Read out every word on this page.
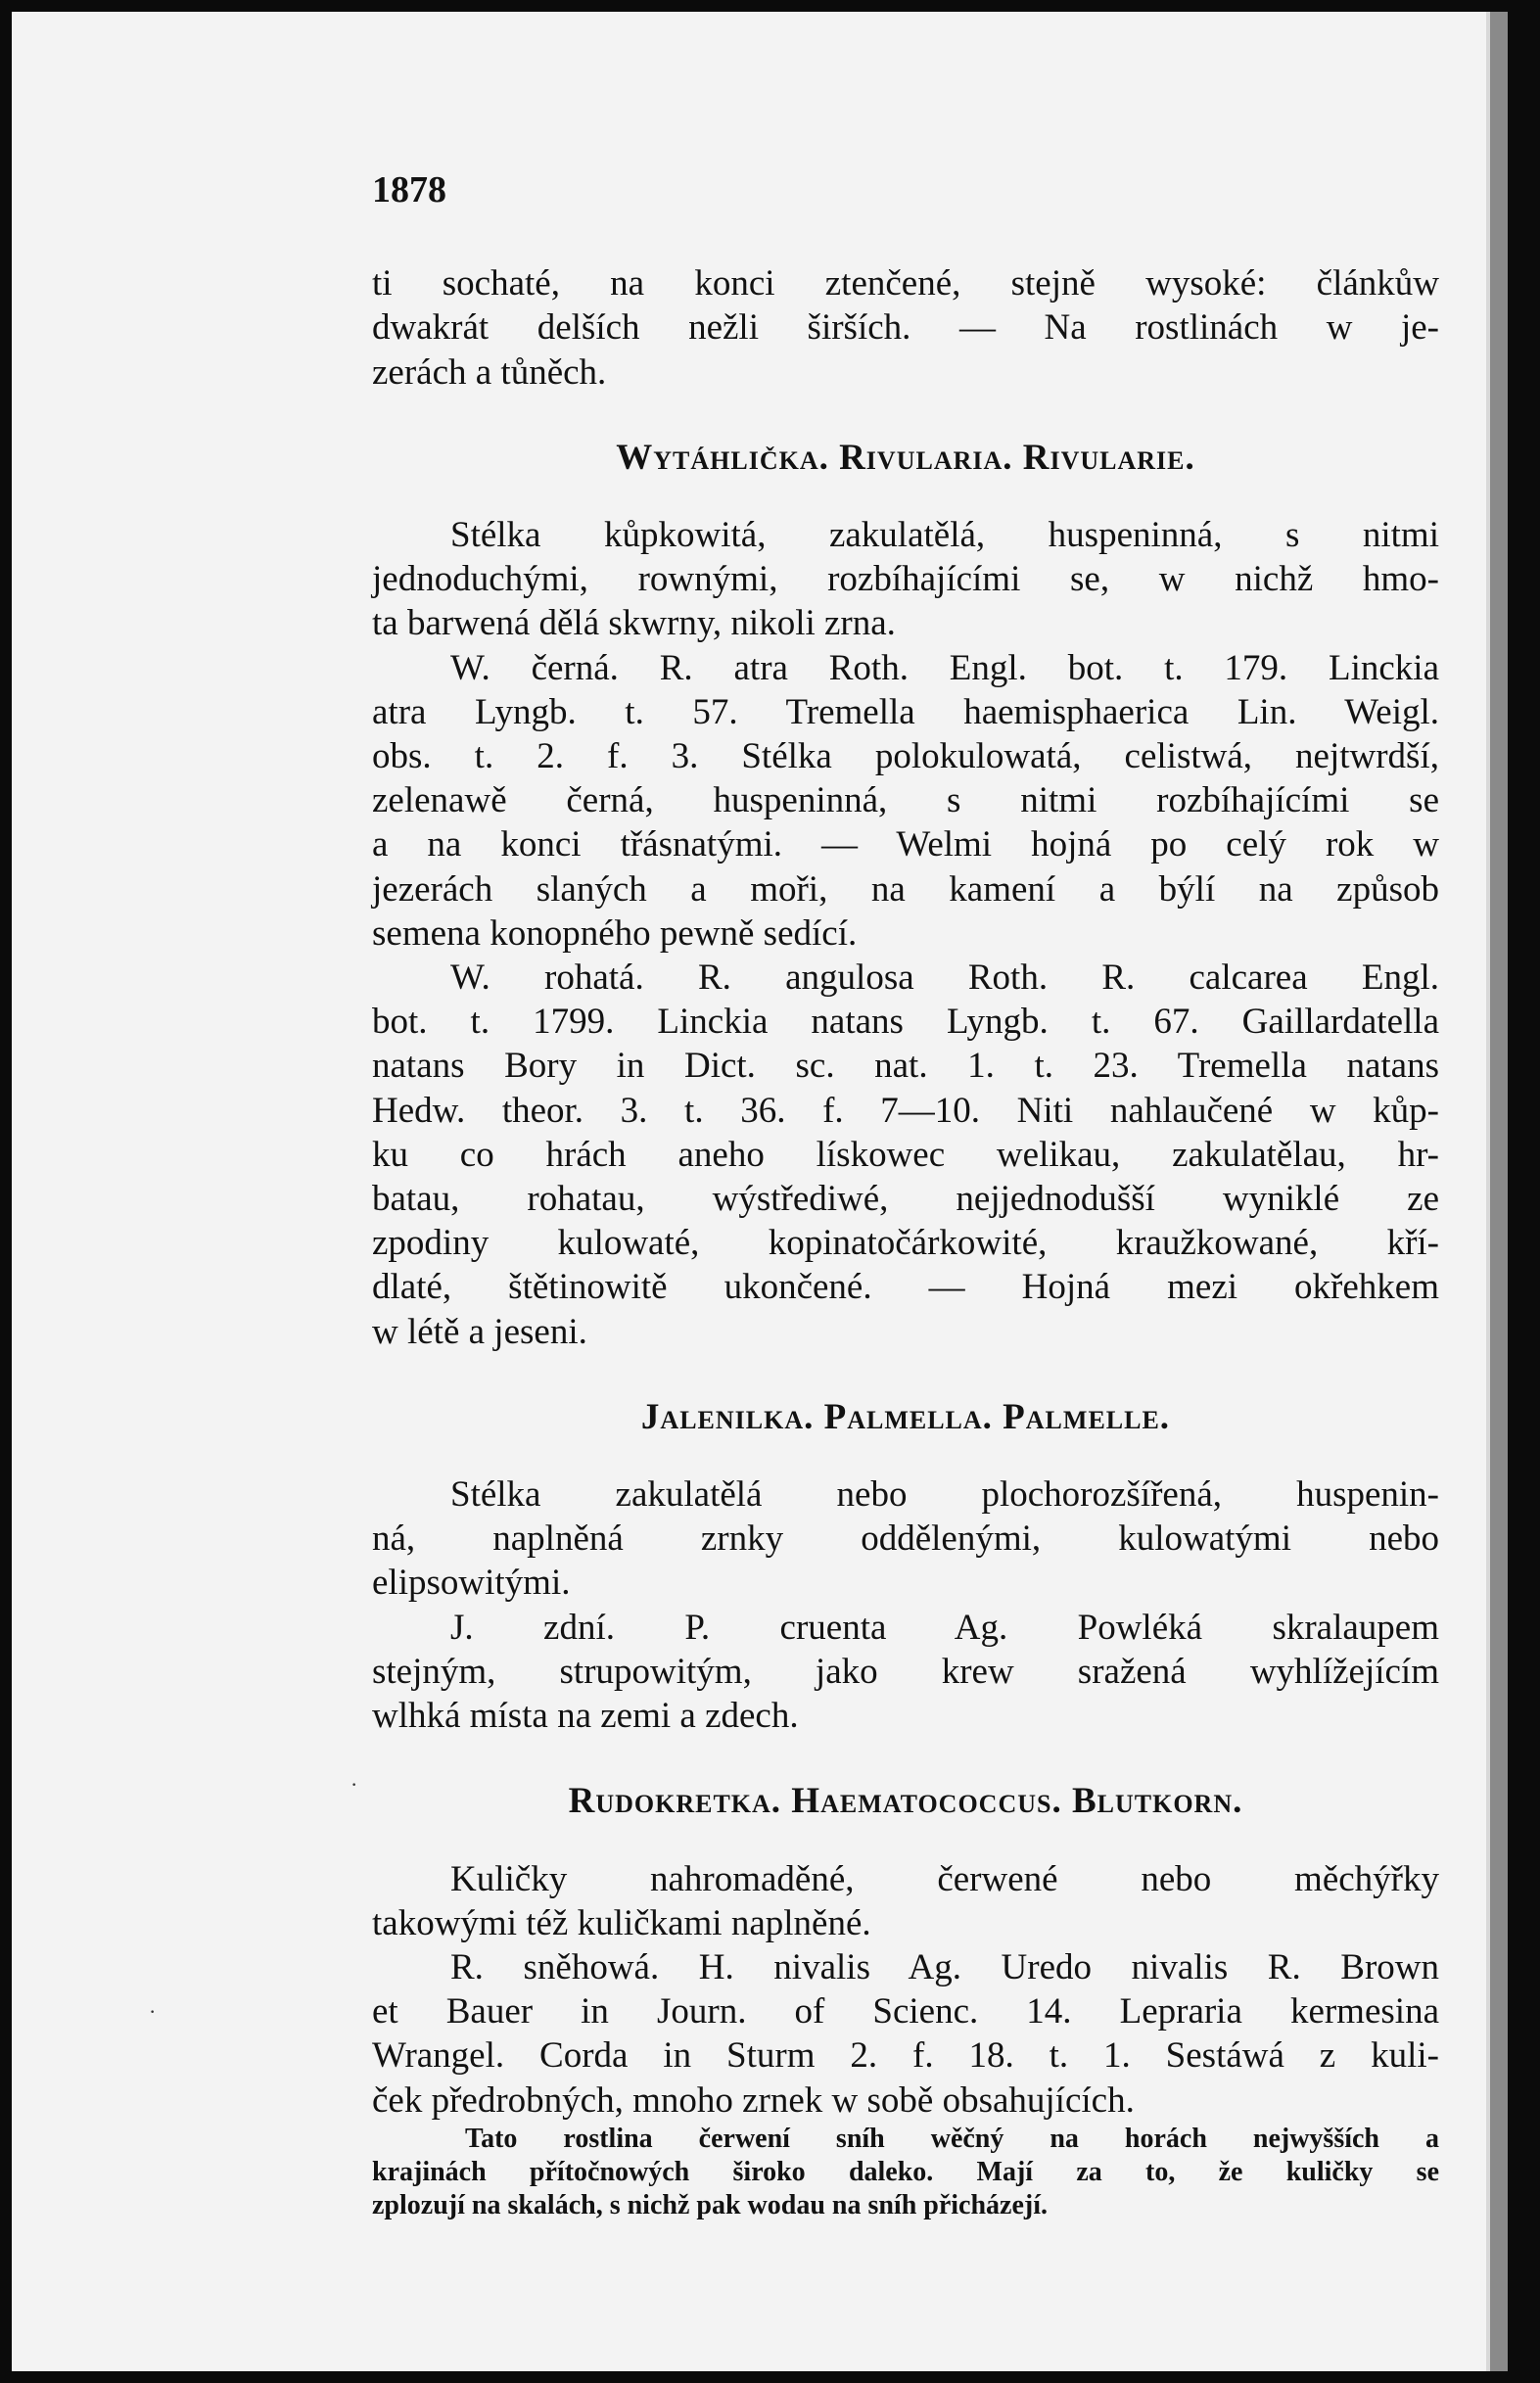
1878
ti sochaté, na konci ztenčené, stejně wysoké: článkůw
dwakrát delších nežli širších. — Na rostlinách w je-
zerách a tůněch.
Wytáhlička. Rivularia. Rivularie.
Stélka kůpkowitá, zakulatělá, huspeninná, s nitmi
jednoduchými, rownými, rozbíhajícími se, w nichž hmo-
ta barwená dělá skwrny, nikoli zrna.
W. černá. R. atra Roth. Engl. bot. t. 179. Linckia
atra Lyngb. t. 57. Tremella haemisphaerica Lin. Weigl.
obs. t. 2. f. 3. Stélka polokulowatá, celistwá, nejtwrdší,
zelenawě černá, huspeninná, s nitmi rozbíhajícími se
a na konci třásnatými. — Welmi hojná po celý rok w
jezerách slaných a moři, na kamení a býlí na způsob
semena konopného pewně sedící.
W. rohatá. R. angulosa Roth. R. calcarea Engl.
bot. t. 1799. Linckia natans Lyngb. t. 67. Gaillardatella
natans Bory in Dict. sc. nat. 1. t. 23. Tremella natans
Hedw. theor. 3. t. 36. f. 7—10. Niti nahlaučené w kůp-
ku co hrách aneho lískowec welikau, zakulatělau, hr-
batau, rohatau, wýstřediwé, nejjednodušší wyniklé ze
zpodiny kulowaté, kopinatočárkowité, kraužkowané, kří-
dlaté, štětinowitě ukončené. — Hojná mezi okřehkem
w létě a jeseni.
Jalenilka. Palmella. Palmelle.
Stélka zakulatělá nebo plochorozšířená, huspenin-
ná, naplněná zrnky oddělenými, kulowatými nebo
elipsowitými.
J. zdní. P. cruenta Ag. Powléká skralaupem
stejným, strupowitým, jako krew sražená wyhlížejícím
wlhká místa na zemi a zdech.
Rudokretka. Haematococcus. Blutkorn.
Kuličky nahromaděné, čerwené nebo měchýřky
takowými též kuličkami naplněné.
R. sněhowá. H. nivalis Ag. Uredo nivalis R. Brown
et Bauer in Journ. of Scienc. 14. Lepraria kermesina
Wrangel. Corda in Sturm 2. f. 18. t. 1. Sestáwá z kuli-
ček předrobných, mnoho zrnek w sobě obsahujících.
Tato rostlina čerwení sníh wěčný na horách nejwyšších a
krajinách přítočnowých široko daleko. Mají za to, že kuličky se
zplozují na skalách, s nichž pak wodau na sníh přicházejí.
·
·
